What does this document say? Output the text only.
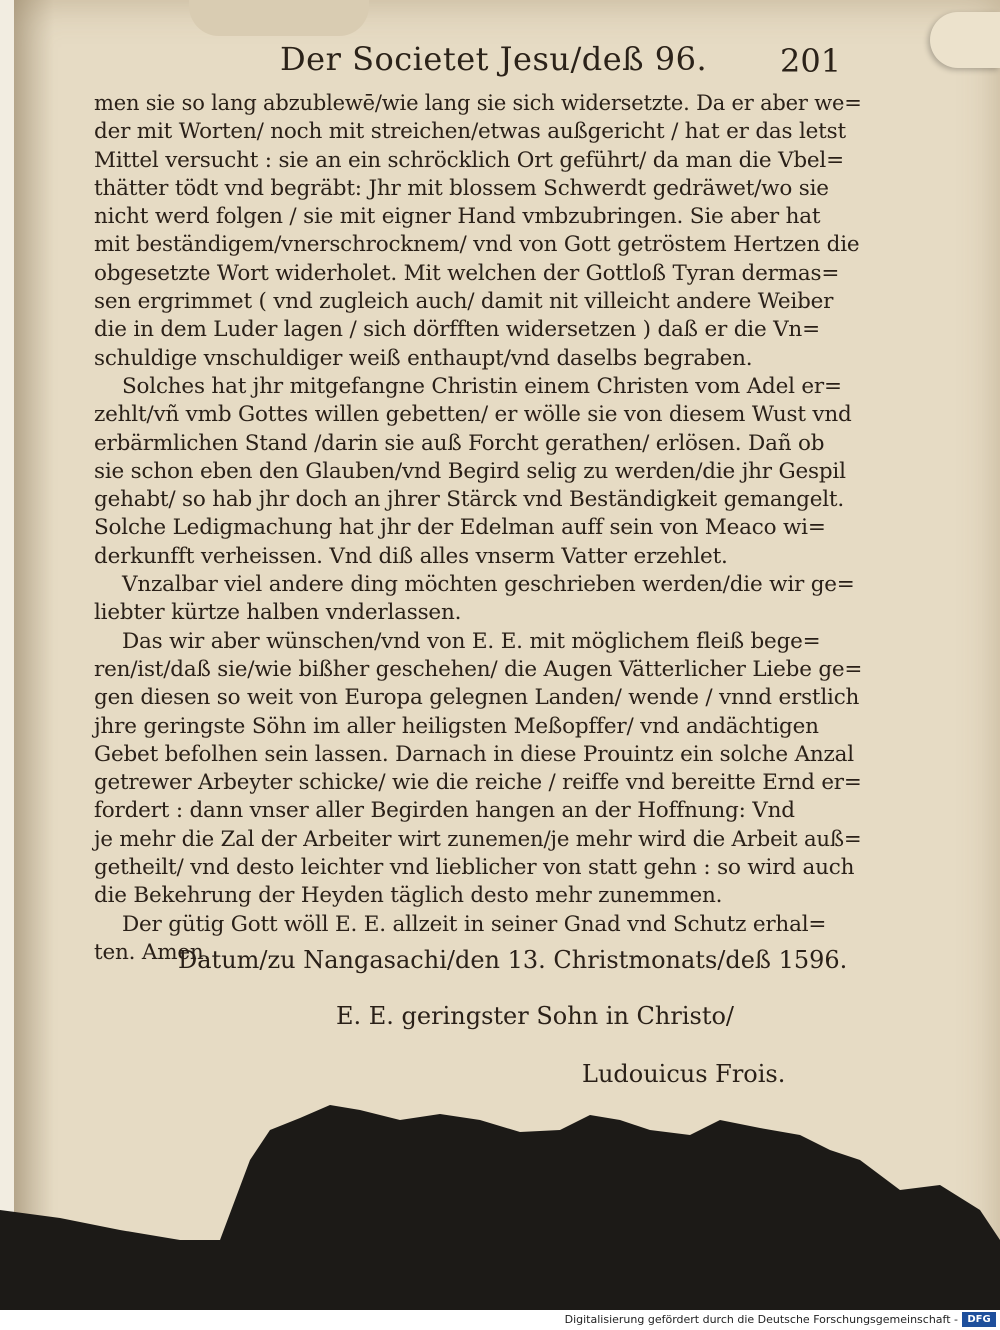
Der Societet Jesu/deß 96. 201
men sie so lang abzublewē/wie lang sie sich widersetzte. Da er aber we=
der mit Worten/ noch mit streichen/etwas außgericht / hat er das letst
Mittel versucht : sie an ein schröcklich Ort geführt/ da man die Vbel=
thätter tödt vnd begräbt: Jhr mit blossem Schwerdt gedräwet/wo sie
nicht werd folgen / sie mit eigner Hand vmbzubringen. Sie aber hat
mit beständigem/vnerschrocknem/ vnd von Gott getröstem Hertzen die
obgesetzte Wort widerholet. Mit welchen der Gottloß Tyran dermas=
sen ergrimmet ( vnd zugleich auch/ damit nit villeicht andere Weiber
die in dem Luder lagen / sich dörfften widersetzen ) daß er die Vn=
schuldige vnschuldiger weiß enthaupt/vnd daselbs begraben.
Solches hat jhr mitgefangne Christin einem Christen vom Adel er=
zehlt/vñ vmb Gottes willen gebetten/ er wölle sie von diesem Wust vnd
erbärmlichen Stand /darin sie auß Forcht gerathen/ erlösen. Dañ ob
sie schon eben den Glauben/vnd Begird selig zu werden/die jhr Gespil
gehabt/ so hab jhr doch an jhrer Stärck vnd Beständigkeit gemangelt.
Solche Ledigmachung hat jhr der Edelman auff sein von Meaco wi=
derkunfft verheissen. Vnd diß alles vnserm Vatter erzehlet.
Vnzalbar viel andere ding möchten geschrieben werden/die wir ge=
liebter kürtze halben vnderlassen.
Das wir aber wünschen/vnd von E. E. mit möglichem fleiß bege=
ren/ist/daß sie/wie bißher geschehen/ die Augen Vätterlicher Liebe ge=
gen diesen so weit von Europa gelegnen Landen/ wende / vnnd erstlich
jhre geringste Söhn im aller heiligsten Meßopffer/ vnd andächtigen
Gebet befolhen sein lassen. Darnach in diese Prouintz ein solche Anzal
getrewer Arbeyter schicke/ wie die reiche / reiffe vnd bereitte Ernd er=
fordert : dann vnser aller Begirden hangen an der Hoffnung: Vnd
je mehr die Zal der Arbeiter wirt zunemen/je mehr wird die Arbeit auß=
getheilt/ vnd desto leichter vnd lieblicher von statt gehn : so wird auch
die Bekehrung der Heyden täglich desto mehr zunemmen.
Der gütig Gott wöll E. E. allzeit in seiner Gnad vnd Schutz erhal=
ten. Amen.
Datum/zu Nangasachi/den 13. Christmonats/deß 1596.
E. E. geringster Sohn in Christo/
Ludouicus Frois.
Digitalisierung gefördert durch die Deutsche Forschungsgemeinschaft - DFG
